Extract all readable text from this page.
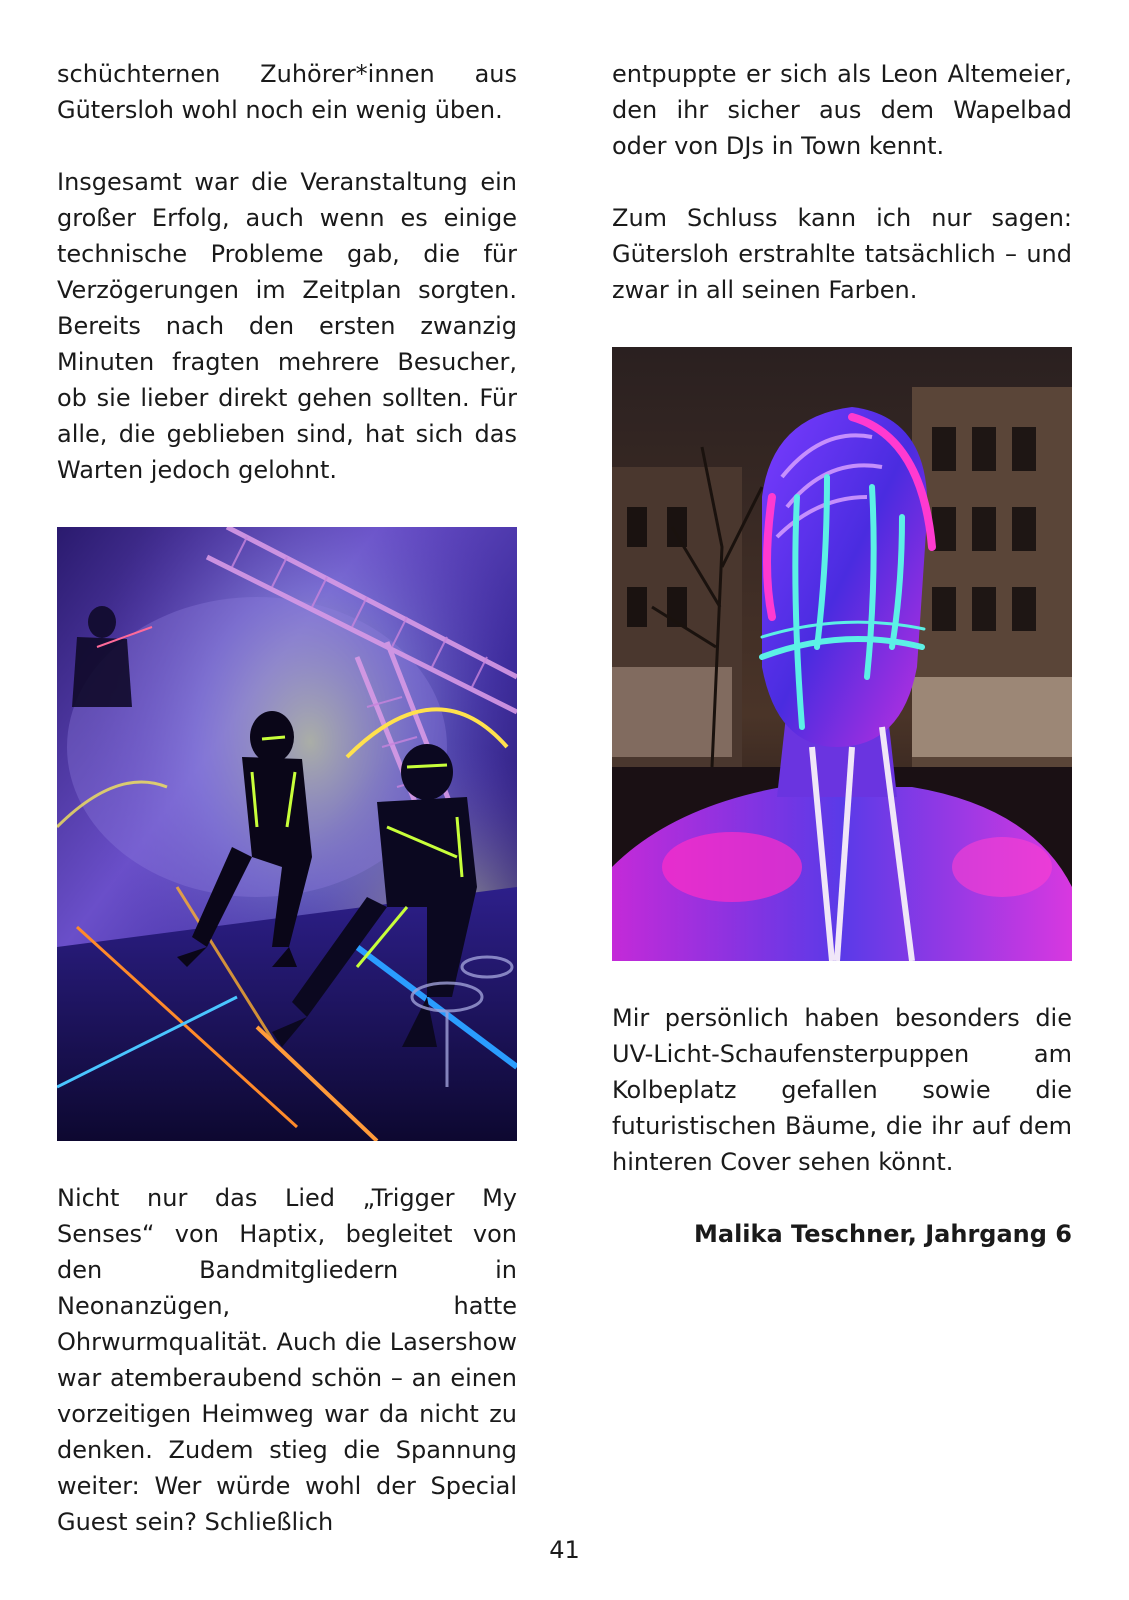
schüchternen Zuhörer*innen aus Gütersloh wohl noch ein wenig üben.

Insgesamt war die Veranstaltung ein großer Erfolg, auch wenn es einige technische Probleme gab, die für Verzögerungen im Zeitplan sorgten. Bereits nach den ersten zwanzig Minuten fragten mehrere Besucher, ob sie lieber direkt gehen sollten. Für alle, die geblieben sind, hat sich das Warten jedoch gelohnt.

Nicht nur das Lied „Trigger My Senses“ von Haptix, begleitet von den Bandmitgliedern in Neonanzügen, hatte Ohrwurmqualität. Auch die Lasershow war atemberaubend schön – an einen vorzeitigen Heimweg war da nicht zu denken. Zudem stieg die Spannung weiter: Wer würde wohl der Special Guest sein? Schließlich

entpuppte er sich als Leon Altemeier, den ihr sicher aus dem Wapelbad oder von DJs in Town kennt.

Zum Schluss kann ich nur sagen: Gütersloh erstrahlte tatsächlich – und zwar in all seinen Farben.

Mir persönlich haben besonders die UV-Licht-Schaufensterpuppen am Kolbeplatz gefallen sowie die futuristischen Bäume, die ihr auf dem hinteren Cover sehen könnt.

Malika Teschner, Jahrgang 6

41
